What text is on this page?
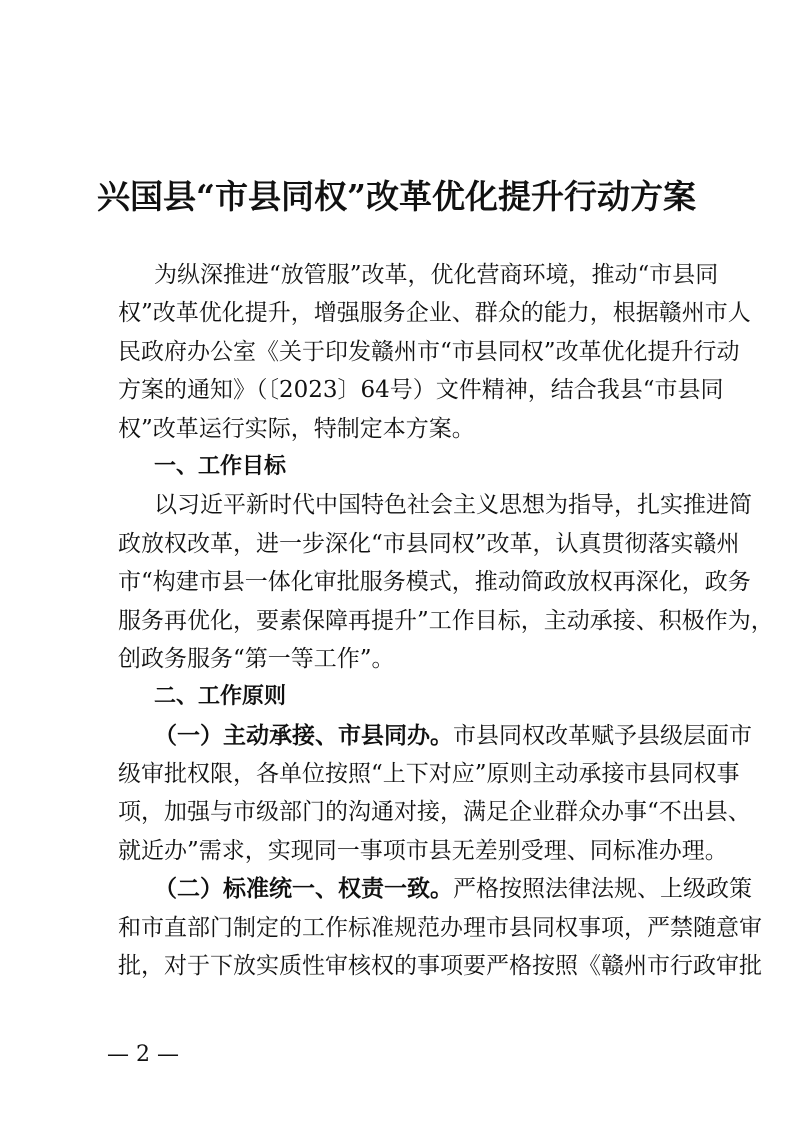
兴国县“市县同权”改革优化提升行动方案
为纵深推进“放管服”改革，优化营商环境，推动“市县同
权”改革优化提升，增强服务企业、群众的能力，根据赣州市人
民政府办公室《关于印发赣州市“市县同权”改革优化提升行动
方案的通知》（〔2023〕64号）文件精神，结合我县“市县同
权”改革运行实际，特制定本方案。
一、工作目标
以习近平新时代中国特色社会主义思想为指导，扎实推进简
政放权改革，进一步深化“市县同权”改革，认真贯彻落实赣州
市“构建市县一体化审批服务模式，推动简政放权再深化，政务
服务再优化，要素保障再提升”工作目标，主动承接、积极作为，
创政务服务“第一等工作”。
二、工作原则
（一）主动承接、市县同办。市县同权改革赋予县级层面市
级审批权限，各单位按照“上下对应”原则主动承接市县同权事
项，加强与市级部门的沟通对接，满足企业群众办事“不出县、
就近办”需求，实现同一事项市县无差别受理、同标准办理。
（二）标准统一、权责一致。严格按照法律法规、上级政策
和市直部门制定的工作标准规范办理市县同权事项，严禁随意审
批，对于下放实质性审核权的事项要严格按照《赣州市行政审批
— 2 —
